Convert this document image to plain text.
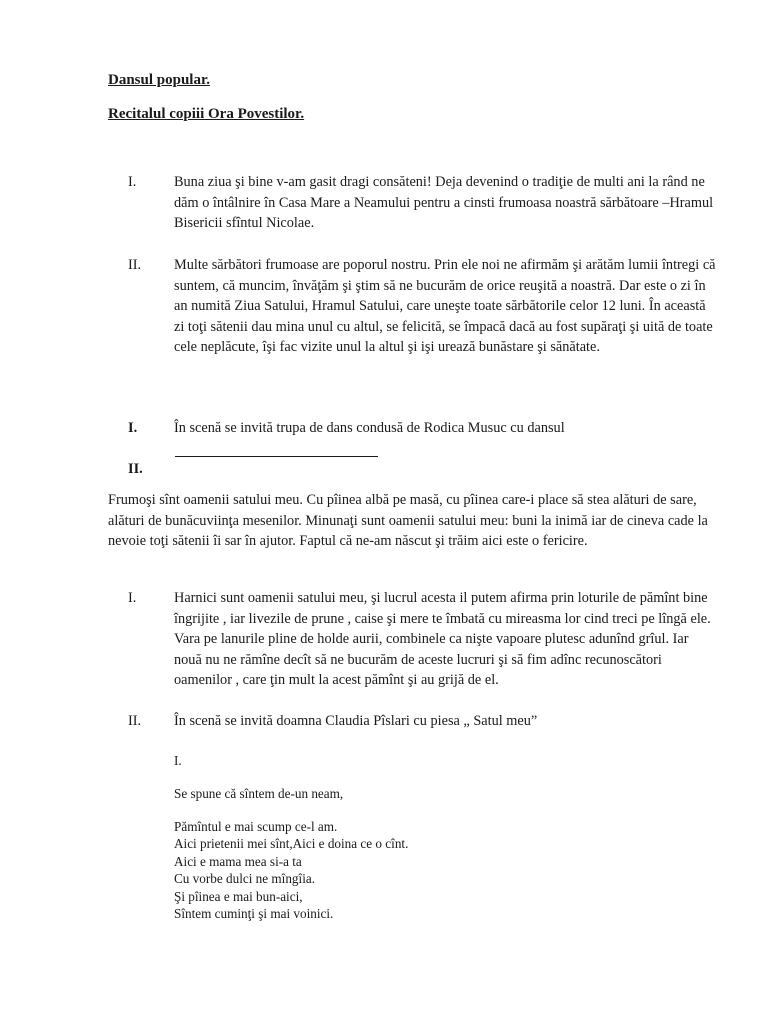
Dansul popular.
Recitalul copiii Ora Povestilor.
I.	Buna ziua şi bine v-am gasit dragi consăteni! Deja devenind o tradiţie de multi ani la rând ne dăm o întâlnire în Casa Mare a Neamului pentru a cinsti frumoasa noastră sărbătoare –Hramul Bisericii sfîntul Nicolae.
II.	Multe sărbători frumoase are poporul nostru. Prin ele noi ne afirmăm şi arătăm lumii întregi că suntem, că muncim, învăţăm şi ştim să ne bucurăm de orice reuşită a noastră. Dar este o zi în an numită Ziua Satului, Hramul Satului, care uneşte toate sărbătorile celor 12 luni. În această zi toţi sătenii dau mina unul cu altul, se felicită, se împacă dacă au fost supăraţi şi uită de toate cele neplăcute, îşi fac vizite unul la altul şi işi urează bunăstare şi sănătate.
I.	În scenă se invită trupa de dans condusă de Rodica Musuc cu dansul
II.
Frumoşi sînt oamenii satului meu. Cu pîinea albă pe masă, cu pîinea care-i place să stea alături de sare, alături de bunăcuviinţa mesenilor. Minunaţi sunt oamenii satului meu: buni la inimă iar de cineva cade la nevoie toţi sătenii îi sar în ajutor. Faptul că ne-am născut şi trăim aici este o fericire.
I.	Harnici sunt oamenii satului meu, şi lucrul acesta il putem afirma prin loturile de pămînt bine îngrijite , iar livezile de prune , caise şi mere te îmbată cu mireasma lor cind treci pe lîngă ele. Vara pe lanurile pline de holde aurii, combinele ca nişte vapoare plutesc adunînd grîul. Iar nouă nu ne rămîne decît să ne bucurăm de aceste lucruri şi să fim adînc recunoscători oamenilor , care ţin mult la acest pămînt şi au grijă de el.
II.	În scenă se invită doamna Claudia Pîslari cu piesa „ Satul meu”
I.
Se spune că sîntem de-un neam,
Pămîntul e mai scump ce-l am.
Aici prietenii mei sînt,Aici e doina ce o cînt.
Aici e mama mea si-a ta
Cu vorbe dulci ne mîngîia.
Şi pîinea e mai bun-aici,
Sîntem cuminţi şi mai voinici.
